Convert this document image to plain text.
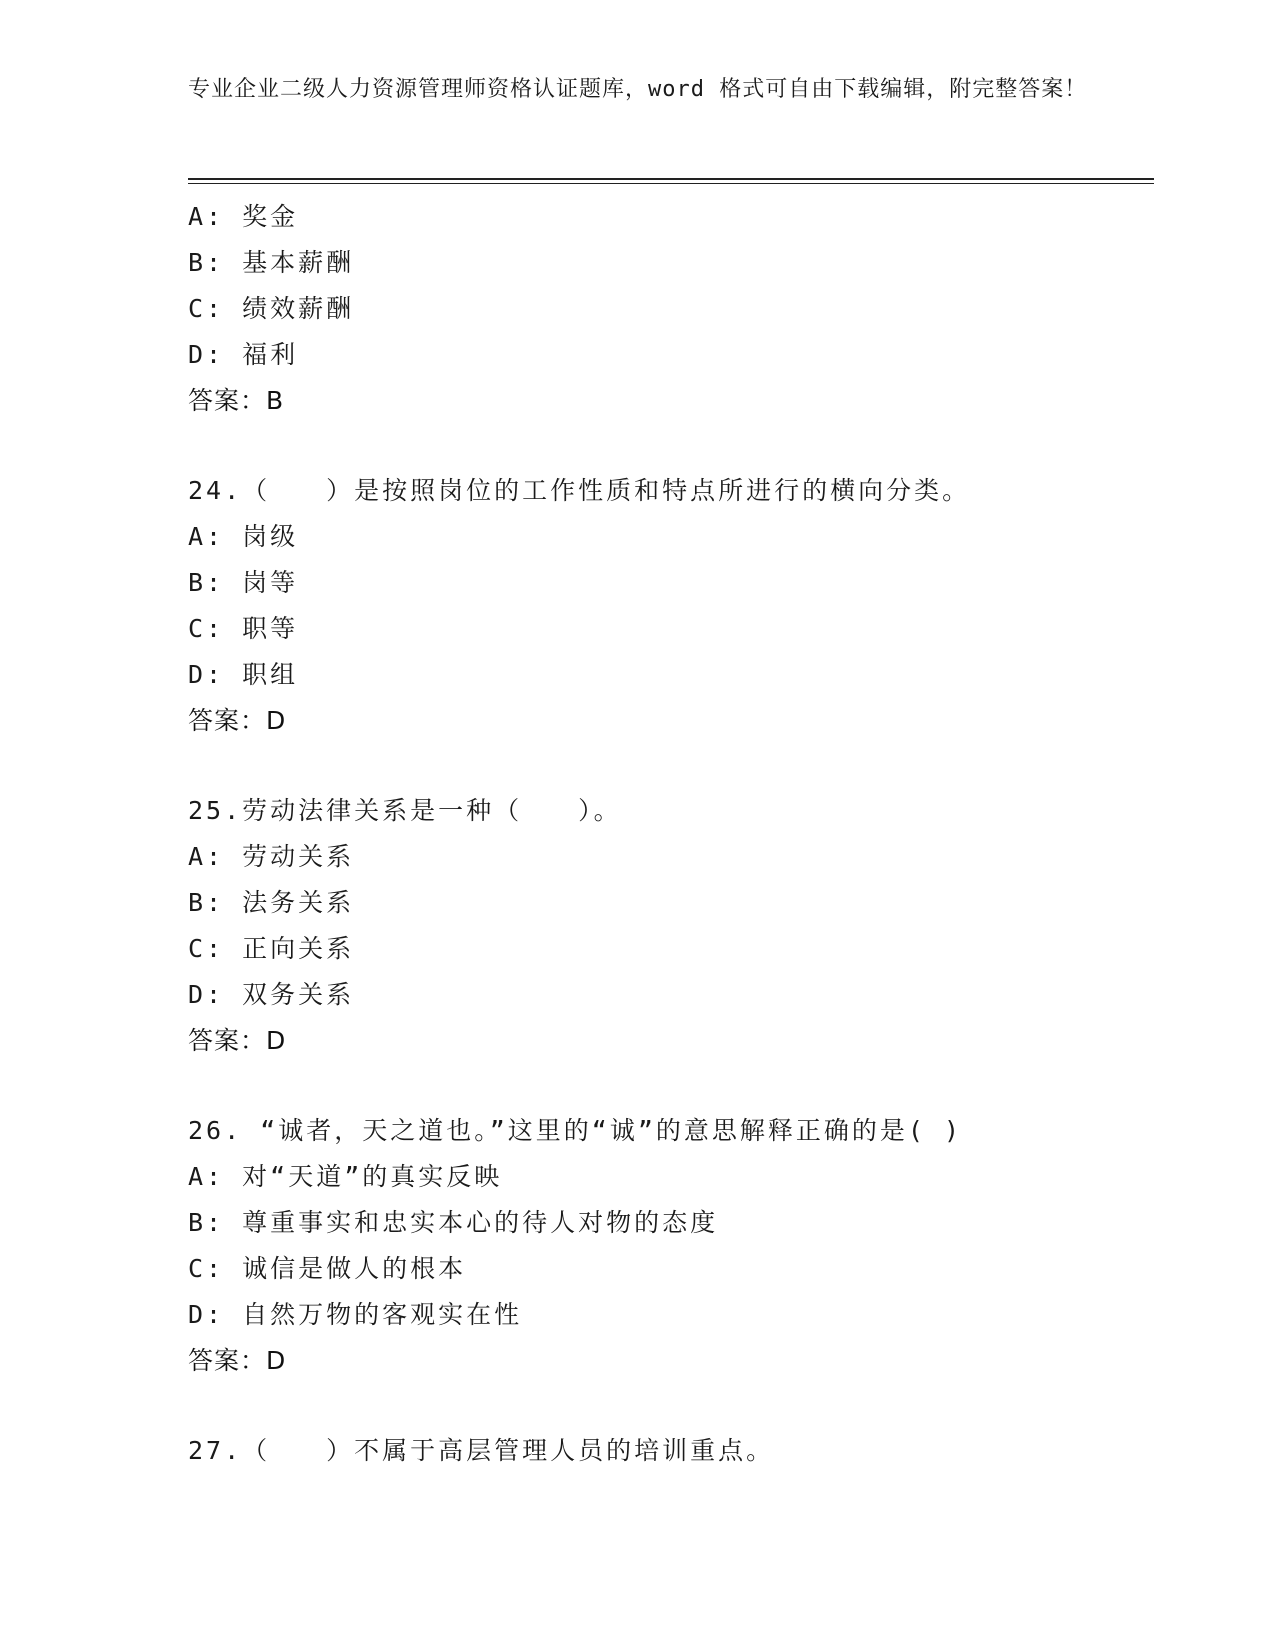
专业企业二级人力资源管理师资格认证题库，word 格式可自由下载编辑，附完整答案！
A: 奖金
B: 基本薪酬
C: 绩效薪酬
D: 福利
答案：B
24.（　　）是按照岗位的工作性质和特点所进行的横向分类。
A: 岗级
B: 岗等
C: 职等
D: 职组
答案：D
25.劳动法律关系是一种（　　）。
A: 劳动关系
B: 法务关系
C: 正向关系
D: 双务关系
答案：D
26. “诚者，天之道也。”这里的“诚”的意思解释正确的是( )
A: 对“天道”的真实反映
B: 尊重事实和忠实本心的待人对物的态度
C: 诚信是做人的根本
D: 自然万物的客观实在性
答案：D
27.（　　）不属于高层管理人员的培训重点。
